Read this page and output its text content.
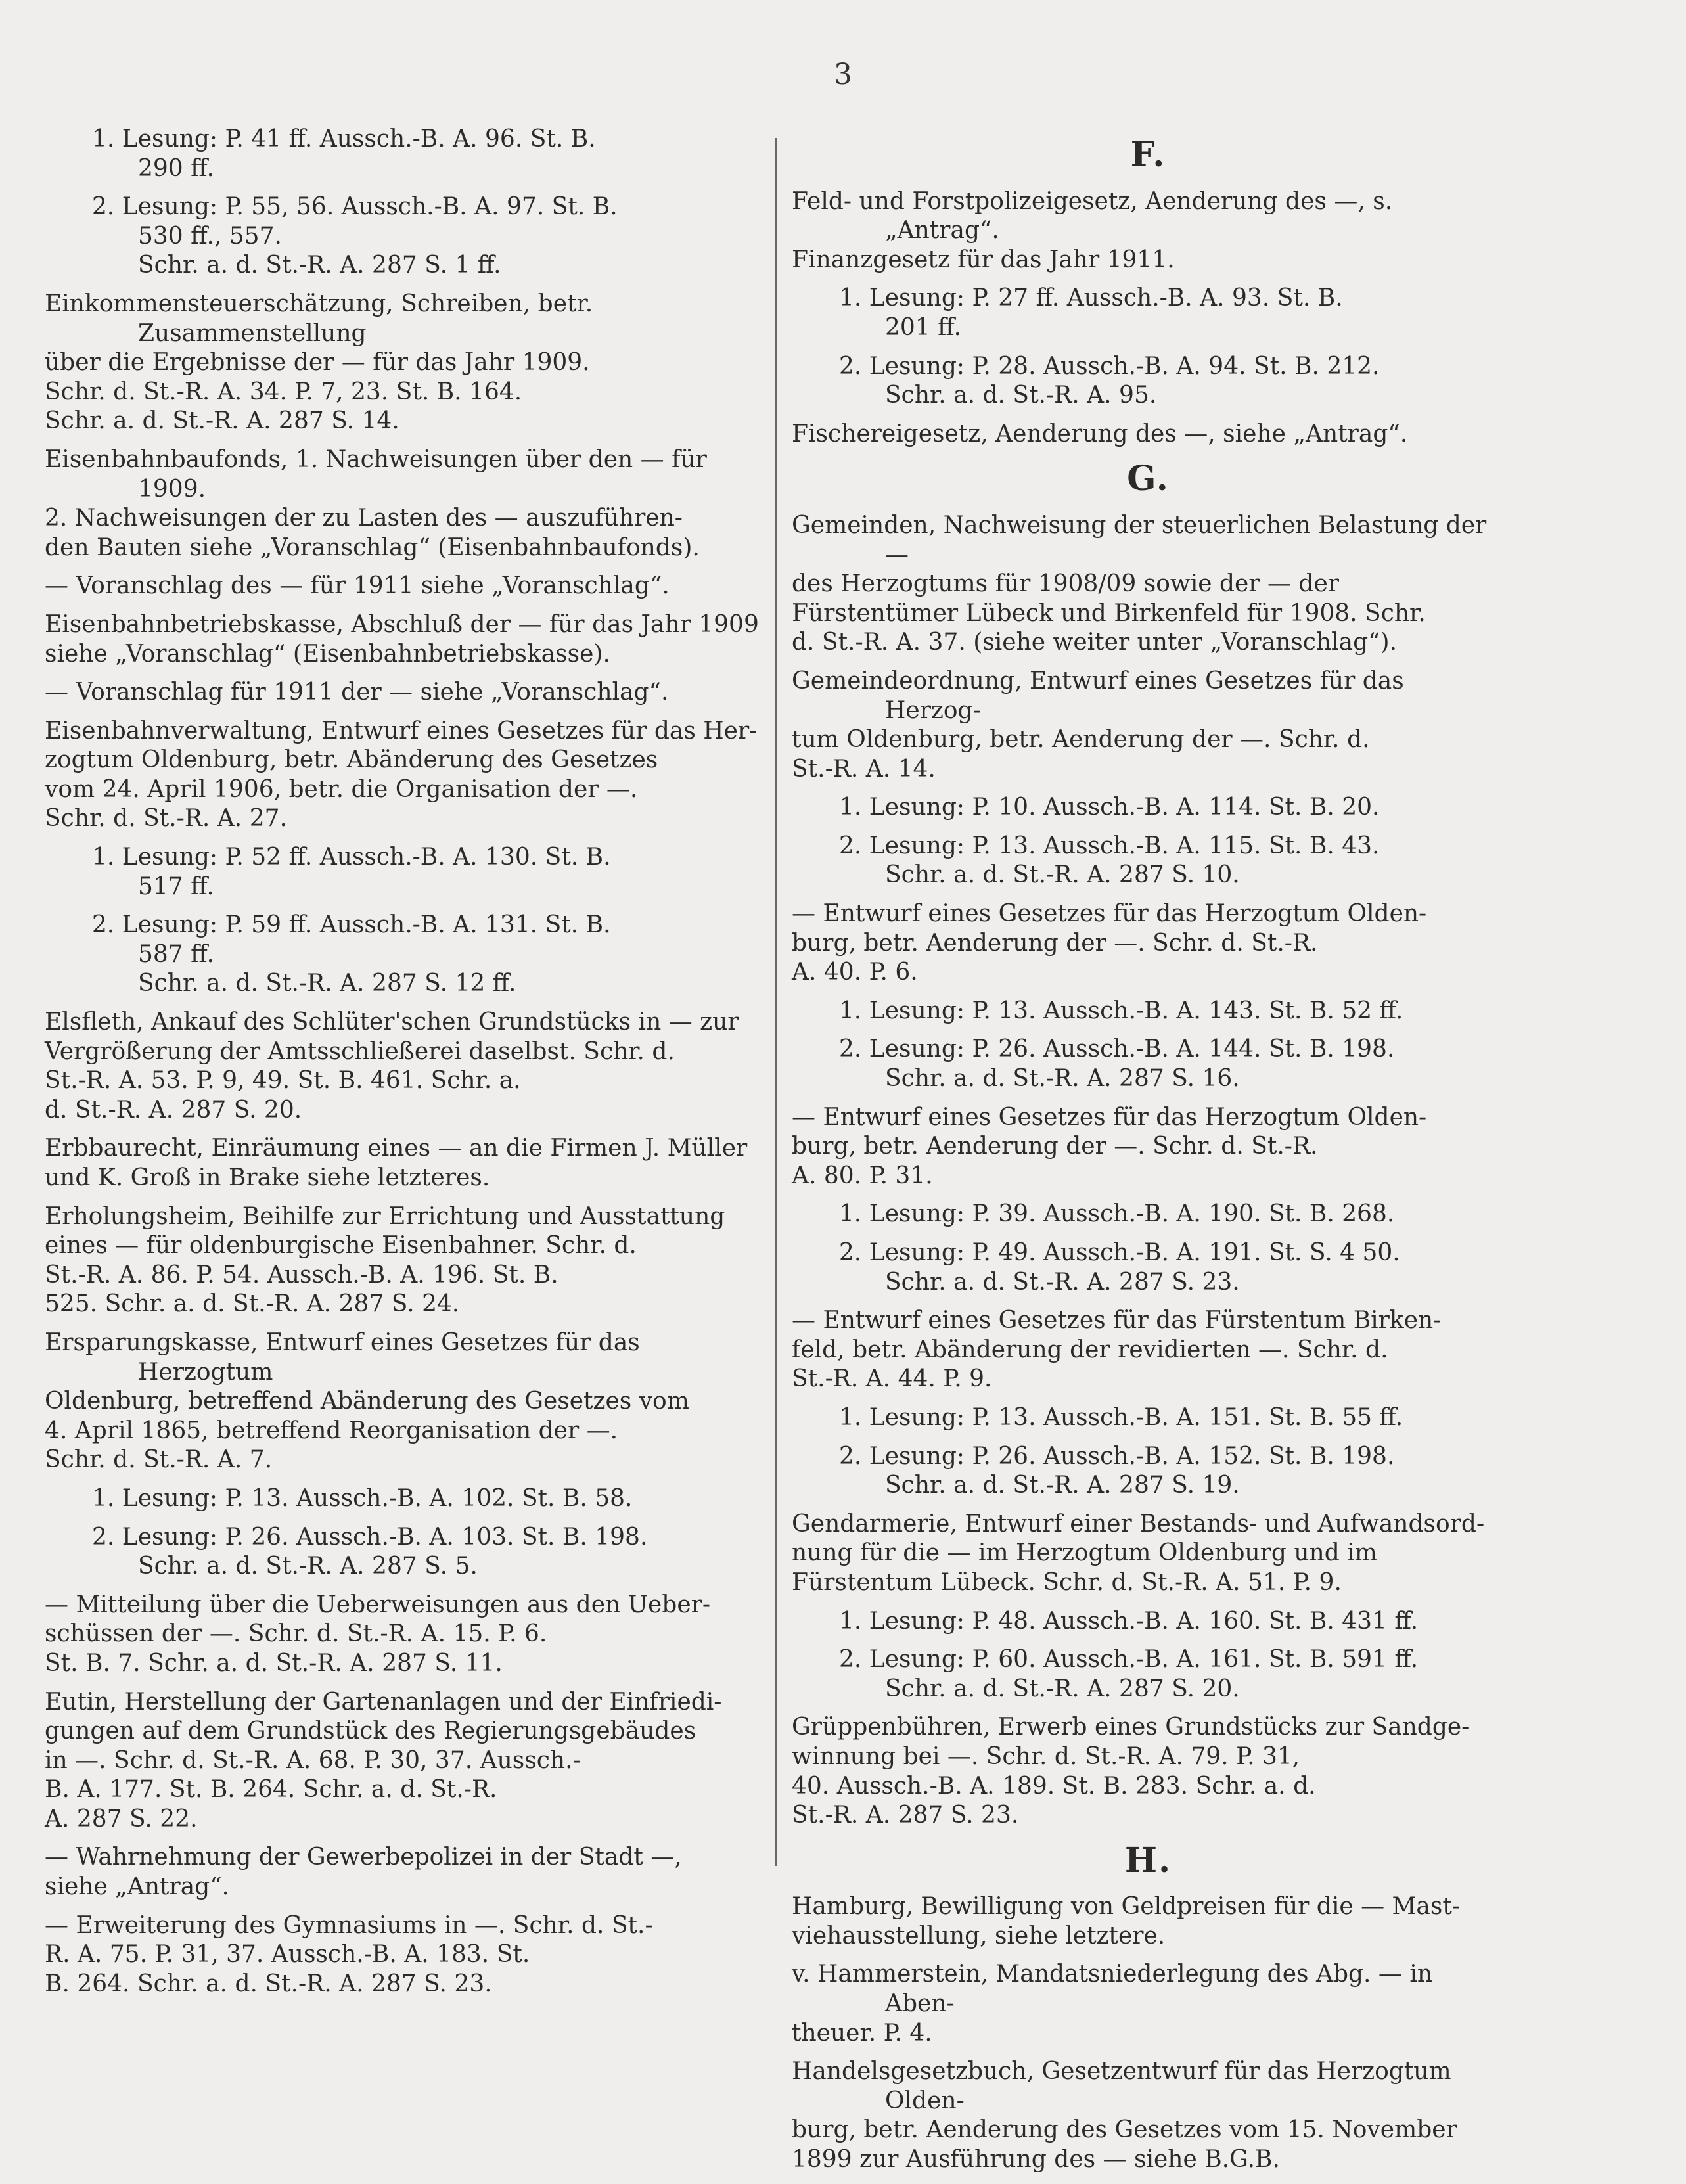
3
1. Lesung: P. 41 ff. Aussch.-B. A. 96. St. B.
290 ff.
2. Lesung: P. 55, 56. Aussch.-B. A. 97. St. B.
530 ff., 557.
Schr. a. d. St.-R. A. 287 S. 1 ff.
Einkommensteuerschätzung, Schreiben, betr. Zusammenstellung
über die Ergebnisse der — für das Jahr 1909.
Schr. d. St.-R. A. 34. P. 7, 23. St. B. 164.
Schr. a. d. St.-R. A. 287 S. 14.
Eisenbahnbaufonds, 1. Nachweisungen über den — für 1909.
2. Nachweisungen der zu Lasten des — auszuführen-
den Bauten siehe „Voranschlag“ (Eisenbahnbaufonds).
— Voranschlag des — für 1911 siehe „Voranschlag“.
Eisenbahnbetriebskasse, Abschluß der — für das Jahr 1909
siehe „Voranschlag“ (Eisenbahnbetriebskasse).
— Voranschlag für 1911 der — siehe „Voranschlag“.
Eisenbahnverwaltung, Entwurf eines Gesetzes für das Her-
zogtum Oldenburg, betr. Abänderung des Gesetzes
vom 24. April 1906, betr. die Organisation der —.
Schr. d. St.-R. A. 27.
1. Lesung: P. 52 ff. Aussch.-B. A. 130. St. B.
517 ff.
2. Lesung: P. 59 ff. Aussch.-B. A. 131. St. B.
587 ff.
Schr. a. d. St.-R. A. 287 S. 12 ff.
Elsfleth, Ankauf des Schlüter'schen Grundstücks in — zur
Vergrößerung der Amtsschließerei daselbst. Schr. d.
St.-R. A. 53. P. 9, 49. St. B. 461. Schr. a.
d. St.-R. A. 287 S. 20.
Erbbaurecht, Einräumung eines — an die Firmen J. Müller
und K. Groß in Brake siehe letzteres.
Erholungsheim, Beihilfe zur Errichtung und Ausstattung
eines — für oldenburgische Eisenbahner. Schr. d.
St.-R. A. 86. P. 54. Aussch.-B. A. 196. St. B.
525. Schr. a. d. St.-R. A. 287 S. 24.
Ersparungskasse, Entwurf eines Gesetzes für das Herzogtum
Oldenburg, betreffend Abänderung des Gesetzes vom
4. April 1865, betreffend Reorganisation der —.
Schr. d. St.-R. A. 7.
1. Lesung: P. 13. Aussch.-B. A. 102. St. B. 58.
2. Lesung: P. 26. Aussch.-B. A. 103. St. B. 198.
Schr. a. d. St.-R. A. 287 S. 5.
— Mitteilung über die Ueberweisungen aus den Ueber-
schüssen der —. Schr. d. St.-R. A. 15. P. 6.
St. B. 7. Schr. a. d. St.-R. A. 287 S. 11.
Eutin, Herstellung der Gartenanlagen und der Einfriedi-
gungen auf dem Grundstück des Regierungsgebäudes
in —. Schr. d. St.-R. A. 68. P. 30, 37. Aussch.-
B. A. 177. St. B. 264. Schr. a. d. St.-R.
A. 287 S. 22.
— Wahrnehmung der Gewerbepolizei in der Stadt —,
siehe „Antrag“.
— Erweiterung des Gymnasiums in —. Schr. d. St.-
R. A. 75. P. 31, 37. Aussch.-B. A. 183. St.
B. 264. Schr. a. d. St.-R. A. 287 S. 23.
F.
Feld- und Forstpolizeigesetz, Aenderung des —, s. „Antrag“.
Finanzgesetz für das Jahr 1911.
1. Lesung: P. 27 ff. Aussch.-B. A. 93. St. B.
201 ff.
2. Lesung: P. 28. Aussch.-B. A. 94. St. B. 212.
Schr. a. d. St.-R. A. 95.
Fischereigesetz, Aenderung des —, siehe „Antrag“.
G.
Gemeinden, Nachweisung der steuerlichen Belastung der —
des Herzogtums für 1908/09 sowie der — der
Fürstentümer Lübeck und Birkenfeld für 1908. Schr.
d. St.-R. A. 37. (siehe weiter unter „Voranschlag“).
Gemeindeordnung, Entwurf eines Gesetzes für das Herzog-
tum Oldenburg, betr. Aenderung der —. Schr. d.
St.-R. A. 14.
1. Lesung: P. 10. Aussch.-B. A. 114. St. B. 20.
2. Lesung: P. 13. Aussch.-B. A. 115. St. B. 43.
Schr. a. d. St.-R. A. 287 S. 10.
— Entwurf eines Gesetzes für das Herzogtum Olden-
burg, betr. Aenderung der —. Schr. d. St.-R.
A. 40. P. 6.
1. Lesung: P. 13. Aussch.-B. A. 143. St. B. 52 ff.
2. Lesung: P. 26. Aussch.-B. A. 144. St. B. 198.
Schr. a. d. St.-R. A. 287 S. 16.
— Entwurf eines Gesetzes für das Herzogtum Olden-
burg, betr. Aenderung der —. Schr. d. St.-R.
A. 80. P. 31.
1. Lesung: P. 39. Aussch.-B. A. 190. St. B. 268.
2. Lesung: P. 49. Aussch.-B. A. 191. St. S. 4 50.
Schr. a. d. St.-R. A. 287 S. 23.
— Entwurf eines Gesetzes für das Fürstentum Birken-
feld, betr. Abänderung der revidierten —. Schr. d.
St.-R. A. 44. P. 9.
1. Lesung: P. 13. Aussch.-B. A. 151. St. B. 55 ff.
2. Lesung: P. 26. Aussch.-B. A. 152. St. B. 198.
Schr. a. d. St.-R. A. 287 S. 19.
Gendarmerie, Entwurf einer Bestands- und Aufwandsord-
nung für die — im Herzogtum Oldenburg und im
Fürstentum Lübeck. Schr. d. St.-R. A. 51. P. 9.
1. Lesung: P. 48. Aussch.-B. A. 160. St. B. 431 ff.
2. Lesung: P. 60. Aussch.-B. A. 161. St. B. 591 ff.
Schr. a. d. St.-R. A. 287 S. 20.
Grüppenbühren, Erwerb eines Grundstücks zur Sandge-
winnung bei —. Schr. d. St.-R. A. 79. P. 31,
40. Aussch.-B. A. 189. St. B. 283. Schr. a. d.
St.-R. A. 287 S. 23.
H.
Hamburg, Bewilligung von Geldpreisen für die — Mast-
viehausstellung, siehe letztere.
v. Hammerstein, Mandatsniederlegung des Abg. — in Aben-
theuer. P. 4.
Handelsgesetzbuch, Gesetzentwurf für das Herzogtum Olden-
burg, betr. Aenderung des Gesetzes vom 15. November
1899 zur Ausführung des — siehe B.G.B.
